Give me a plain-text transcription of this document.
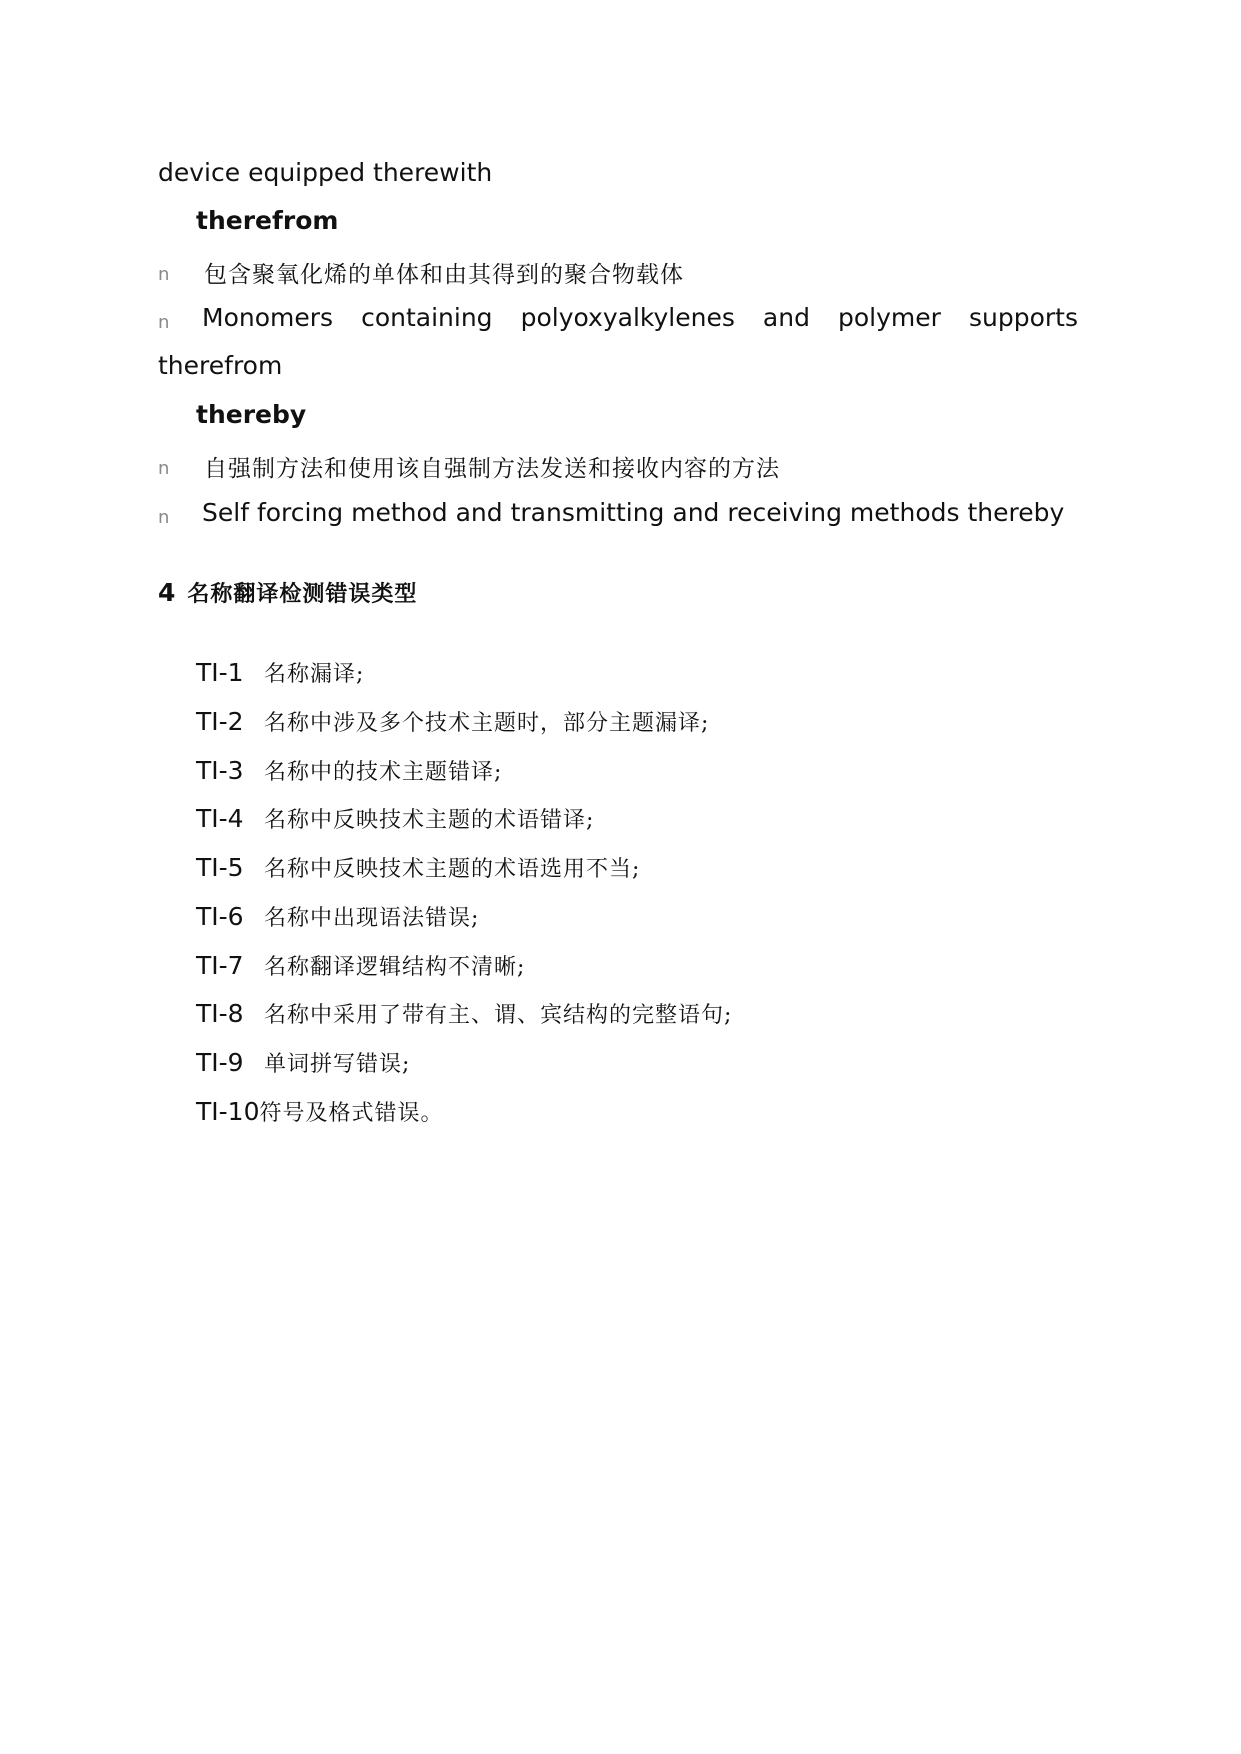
device equipped therewith
therefrom
n 包含聚氧化烯的单体和由其得到的聚合物载体
n Monomers containing polyoxyalkylenes and polymer supports
therefrom
thereby
n 自强制方法和使用该自强制方法发送和接收内容的方法
n Self forcing method and transmitting and receiving methods thereby
4 名称翻译检测错误类型
TI-1 名称漏译;
TI-2 名称中涉及多个技术主题时，部分主题漏译;
TI-3 名称中的技术主题错译;
TI-4 名称中反映技术主题的术语错译;
TI-5 名称中反映技术主题的术语选用不当;
TI-6 名称中出现语法错误;
TI-7 名称翻译逻辑结构不清晰;
TI-8 名称中采用了带有主、谓、宾结构的完整语句;
TI-9 单词拼写错误;
TI-10符号及格式错误。
